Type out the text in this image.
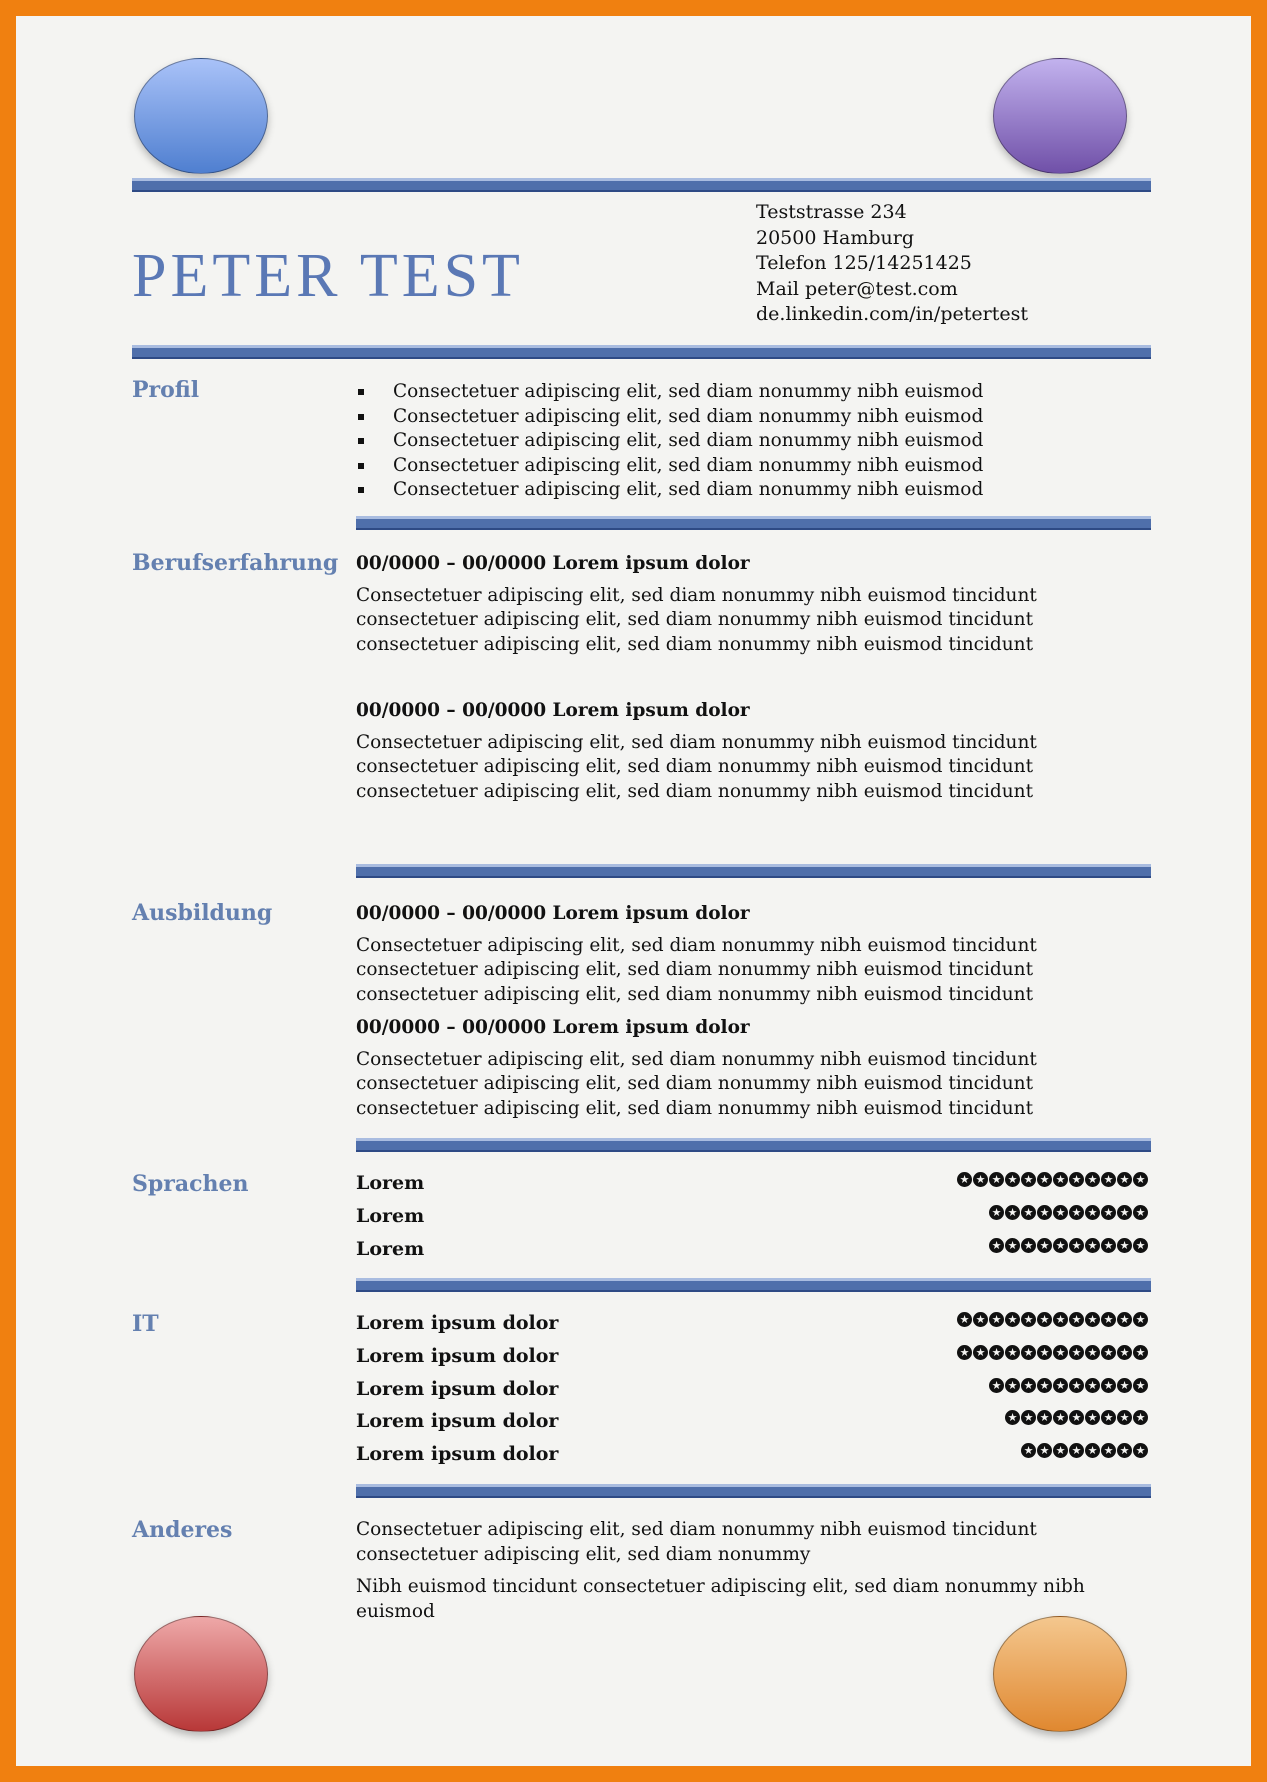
PETER TEST
Teststrasse 234
20500 Hamburg
Telefon 125/14251425
Mail peter@test.com
de.linkedin.com/in/petertest
Profil	Consectetuer adipiscing elit, sed diam nonummy nibh euismod
Consectetuer adipiscing elit, sed diam nonummy nibh euismod
Consectetuer adipiscing elit, sed diam nonummy nibh euismod
Consectetuer adipiscing elit, sed diam nonummy nibh euismod
Consectetuer adipiscing elit, sed diam nonummy nibh euismod
Berufserfahrung 00/0000 – 00/0000 Lorem ipsum dolor

Consectetuer adipiscing elit, sed diam nonummy nibh euismod tincidunt consectetuer adipiscing elit, sed diam nonummy nibh euismod tincidunt consectetuer adipiscing elit, sed diam nonummy nibh euismod tincidunt

00/0000 – 00/0000 Lorem ipsum dolor

Consectetuer adipiscing elit, sed diam nonummy nibh euismod tincidunt consectetuer adipiscing elit, sed diam nonummy nibh euismod tincidunt consectetuer adipiscing elit, sed diam nonummy nibh euismod tincidunt

Ausbildung	00/0000 – 00/0000 Lorem ipsum dolor

Consectetuer adipiscing elit, sed diam nonummy nibh euismod tincidunt consectetuer adipiscing elit, sed diam nonummy nibh euismod tincidunt consectetuer adipiscing elit, sed diam nonummy nibh euismod tincidunt

00/0000 – 00/0000 Lorem ipsum dolor

Consectetuer adipiscing elit, sed diam nonummy nibh euismod tincidunt consectetuer adipiscing elit, sed diam nonummy nibh euismod tincidunt consectetuer adipiscing elit, sed diam nonummy nibh euismod tincidunt

Sprachen	Lorem	★ ★ ★ ★ ★ ★ ★ ★ ★ ★ ★ ★
Lorem	★ ★ ★ ★ ★ ★ ★ ★ ★ ★
Lorem	★ ★ ★ ★ ★ ★ ★ ★ ★ ★
IT	Lorem ipsum dolor	★ ★ ★ ★ ★ ★ ★ ★ ★ ★ ★ ★
Lorem ipsum dolor	★ ★ ★ ★ ★ ★ ★ ★ ★ ★ ★ ★
Lorem ipsum dolor	★ ★ ★ ★ ★ ★ ★ ★ ★ ★
Lorem ipsum dolor	★ ★ ★ ★ ★ ★ ★ ★ ★
Lorem ipsum dolor	★ ★ ★ ★ ★ ★ ★ ★
Anderes	Consectetuer adipiscing elit, sed diam nonummy nibh euismod tincidunt consectetuer adipiscing elit, sed diam nonummy

Nibh euismod tincidunt consectetuer adipiscing elit, sed diam nonummy nibh euismod
